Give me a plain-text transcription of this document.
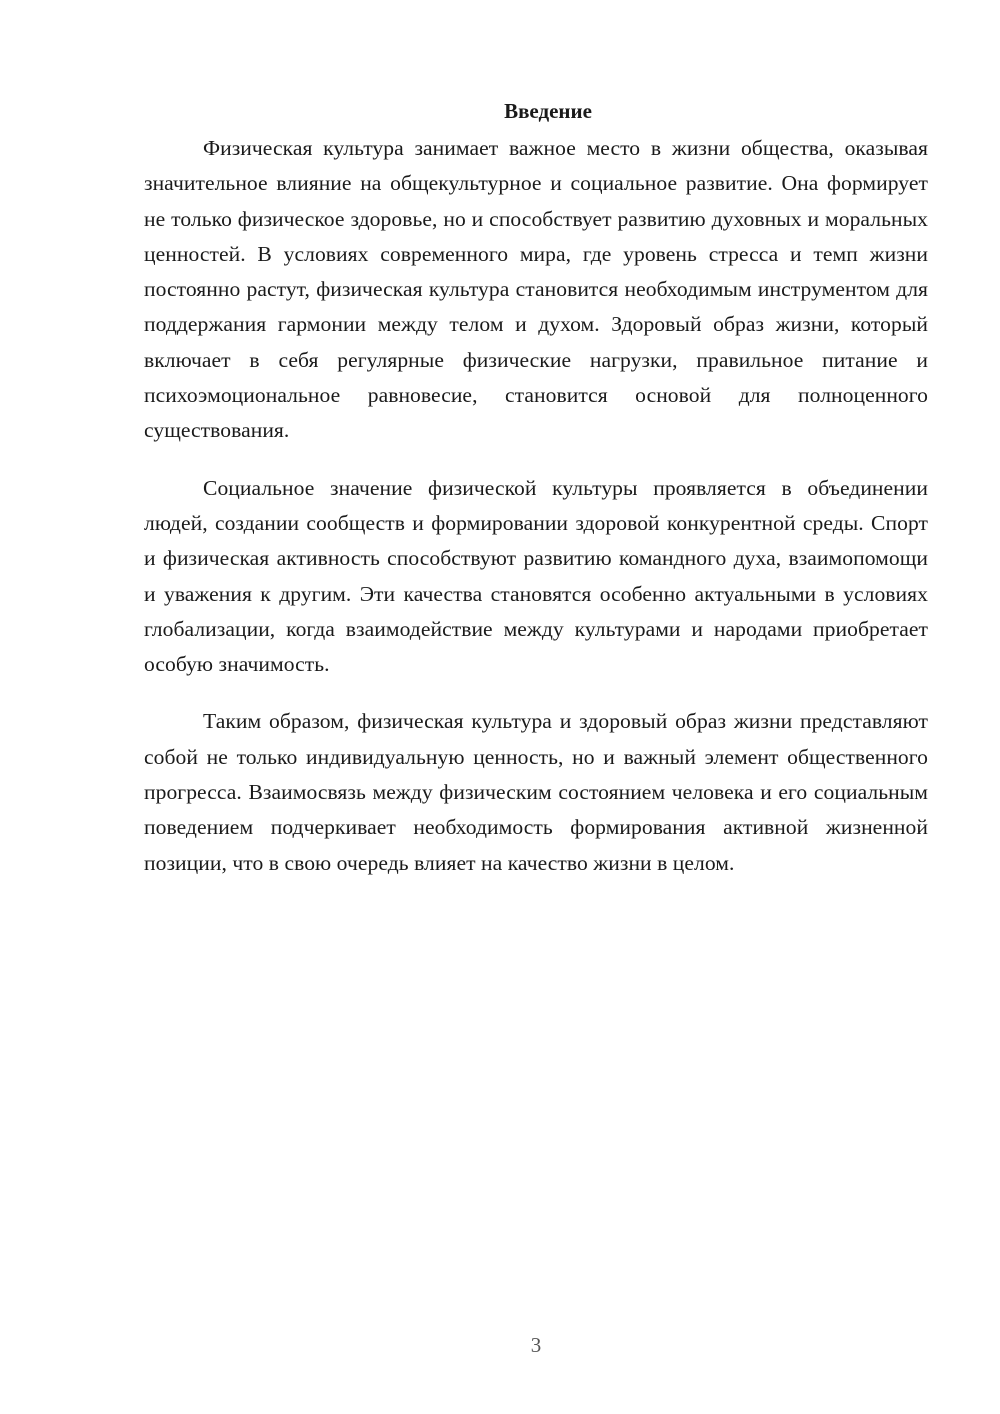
Введение

Физическая культура занимает важное место в жизни общества, оказывая значительное влияние на общекультурное и социальное развитие. Она формирует не только физическое здоровье, но и способствует развитию духовных и моральных ценностей. В условиях современного мира, где уровень стресса и темп жизни постоянно растут, физическая культура становится необходимым инструментом для поддержания гармонии между телом и духом. Здоровый образ жизни, который включает в себя регулярные физические нагрузки, правильное питание и психоэмоциональное равновесие, становится основой для полноценного существования.

Социальное значение физической культуры проявляется в объединении людей, создании сообществ и формировании здоровой конкурентной среды. Спорт и физическая активность способствуют развитию командного духа, взаимопомощи и уважения к другим. Эти качества становятся особенно актуальными в условиях глобализации, когда взаимодействие между культурами и народами приобретает особую значимость.

Таким образом, физическая культура и здоровый образ жизни представляют собой не только индивидуальную ценность, но и важный элемент общественного прогресса. Взаимосвязь между физическим состоянием человека и его социальным поведением подчеркивает необходимость формирования активной жизненной позиции, что в свою очередь влияет на качество жизни в целом.

3
